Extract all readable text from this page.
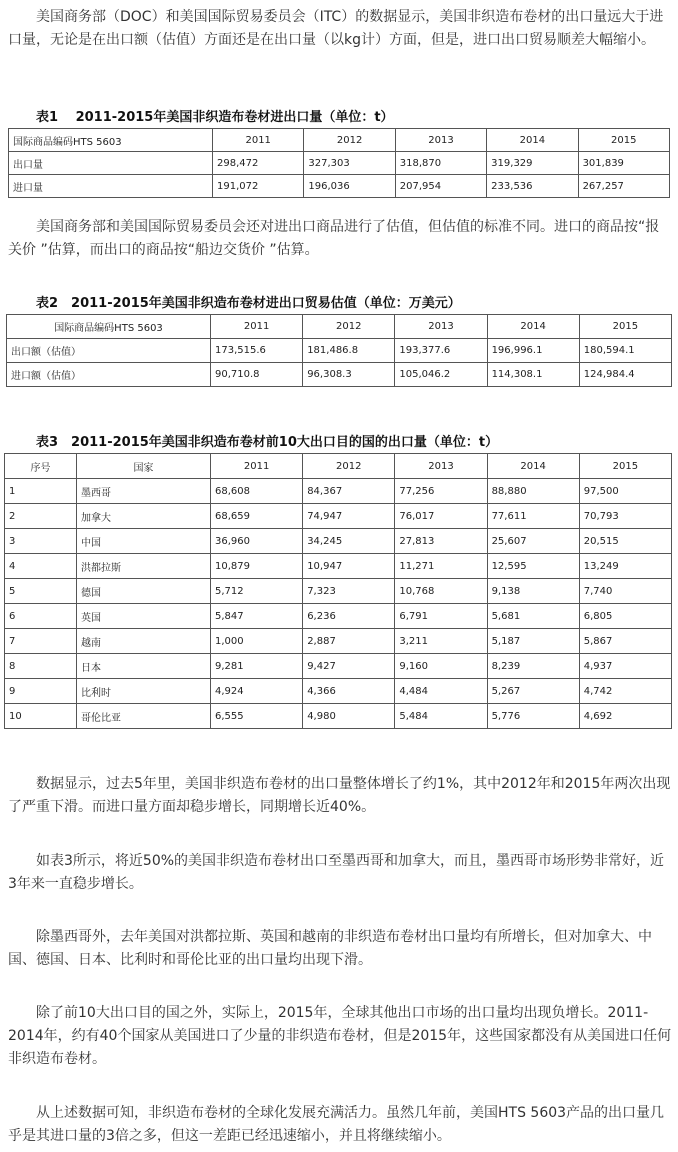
美国商务部（DOC）和美国国际贸易委员会（ITC）的数据显示，美国非织造布卷材的出口量远大于进口量，无论是在出口额（估值）方面还是在出口量（以kg计）方面，但是，进口出口贸易顺差大幅缩小。

表1　 2011-2015年美国非织造布卷材进出口量（单位：t）

国际商品编码HTS 5603	2011	2012	2013	2014	2015
出口量	298,472	327,303	318,870	319,329	301,839
进口量	191,072	196,036	207,954	233,536	267,257

美国商务部和美国国际贸易委员会还对进出口商品进行了估值，但估值的标准不同。进口的商品按“报关价 ”估算，而出口的商品按“船边交货价 ”估算。

表2　2011-2015年美国非织造布卷材进出口贸易估值（单位：万美元）

国际商品编码HTS 5603	2011	2012	2013	2014	2015
出口额（估值）	173,515.6	181,486.8	193,377.6	196,996.1	180,594.1
进口额（估值）	90,710.8	96,308.3	105,046.2	114,308.1	124,984.4

表3　2011-2015年美国非织造布卷材前10大出口目的国的出口量（单位：t）

序号	国家	2011	2012	2013	2014	2015
1	墨西哥	68,608	84,367	77,256	88,880	97,500
2	加拿大	68,659	74,947	76,017	77,611	70,793
3	中国	36,960	34,245	27,813	25,607	20,515
4	洪都拉斯	10,879	10,947	11,271	12,595	13,249
5	德国	5,712	7,323	10,768	9,138	7,740
6	英国	5,847	6,236	6,791	5,681	6,805
7	越南	1,000	2,887	3,211	5,187	5,867
8	日本	9,281	9,427	9,160	8,239	4,937
9	比利时	4,924	4,366	4,484	5,267	4,742
10	哥伦比亚	6,555	4,980	5,484	5,776	4,692

数据显示，过去5年里，美国非织造布卷材的出口量整体增长了约1%，其中2012年和2015年两次出现了严重下滑。而进口量方面却稳步增长，同期增长近40%。

如表3所示，将近50%的美国非织造布卷材出口至墨西哥和加拿大，而且，墨西哥市场形势非常好，近3年来一直稳步增长。

除墨西哥外，去年美国对洪都拉斯、英国和越南的非织造布卷材出口量均有所增长，但对加拿大、中国、德国、日本、比利时和哥伦比亚的出口量均出现下滑。

除了前10大出口目的国之外，实际上，2015年，全球其他出口市场的出口量均出现负增长。2011-2014年，约有40个国家从美国进口了少量的非织造布卷材，但是2015年，这些国家都没有从美国进口任何非织造布卷材。

从上述数据可知，非织造布卷材的全球化发展充满活力。虽然几年前，美国HTS 5603产品的出口量几乎是其进口量的3倍之多，但这一差距已经迅速缩小，并且将继续缩小。
